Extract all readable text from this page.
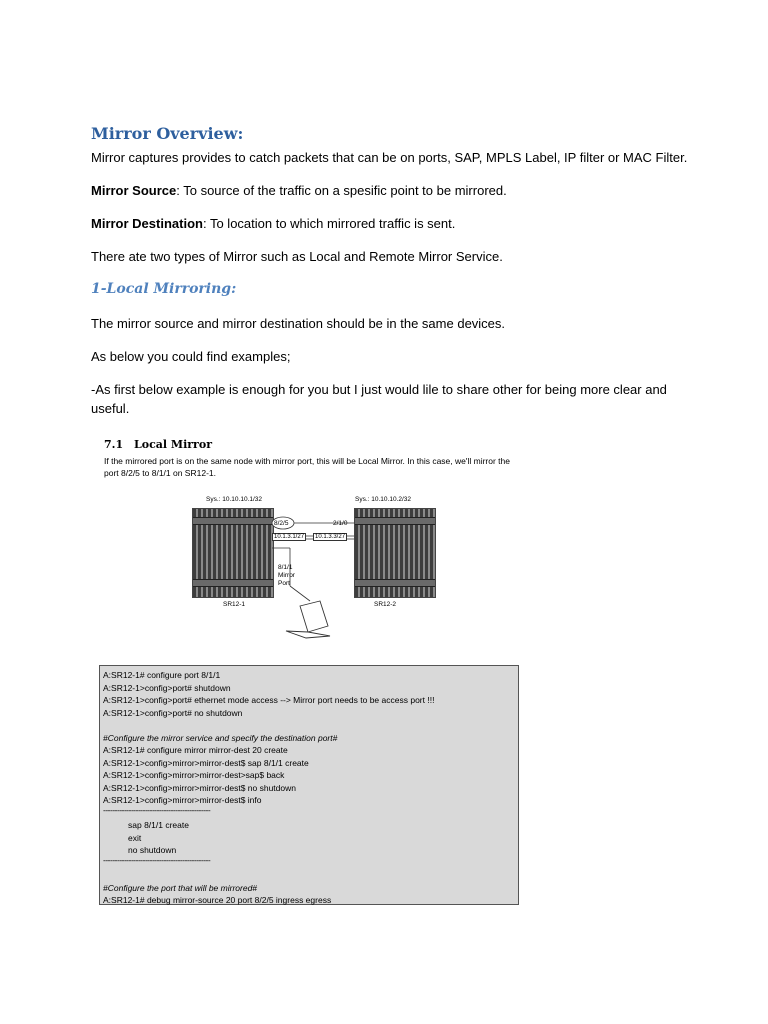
Mirror Overview:

Mirror captures provides to catch packets that can be on ports, SAP, MPLS Label, IP filter or MAC Filter.

Mirror Source: To source of the traffic on a spesific point to be mirrored.

Mirror Destination: To location to which mirrored traffic is sent.

There ate two types of Mirror such as Local and Remote Mirror Service.

1-Local Mirroring:

The mirror source and mirror destination should be in the same devices.

As below you could find examples;

-As first below example is enough for you but I just would lile to share other for being more clear and useful.

7.1 Local Mirror
If the mirrored port is on the same node with mirror port, this will be Local Mirror. In this case, we'll mirror the port 8/2/5 to 8/1/1 on SR12-1.
Sys.: 10.10.10.1/32	Sys.: 10.10.10.2/32
8/2/5	2/1/0
10.1.3.1/27	10.1.3.3/27
8/1/1
Mirror
Port
SR12-1	SR12-2
A:SR12-1# configure port 8/1/1
A:SR12-1>config>port# shutdown
A:SR12-1>config>port# ethernet mode access --> Mirror port needs to be access port !!!
A:SR12-1>config>port# no shutdown
#Configure the mirror service and specify the destination port#
A:SR12-1# configure mirror mirror-dest 20 create
A:SR12-1>config>mirror>mirror-dest$ sap 8/1/1 create
A:SR12-1>config>mirror>mirror-dest>sap$ back
A:SR12-1>config>mirror>mirror-dest$ no shutdown
A:SR12-1>config>mirror>mirror-dest$ info
----------------------------------------------
sap 8/1/1 create
exit
no shutdown
----------------------------------------------
#Configure the port that will be mirrored#
A:SR12-1# debug mirror-source 20 port 8/2/5 ingress egress
